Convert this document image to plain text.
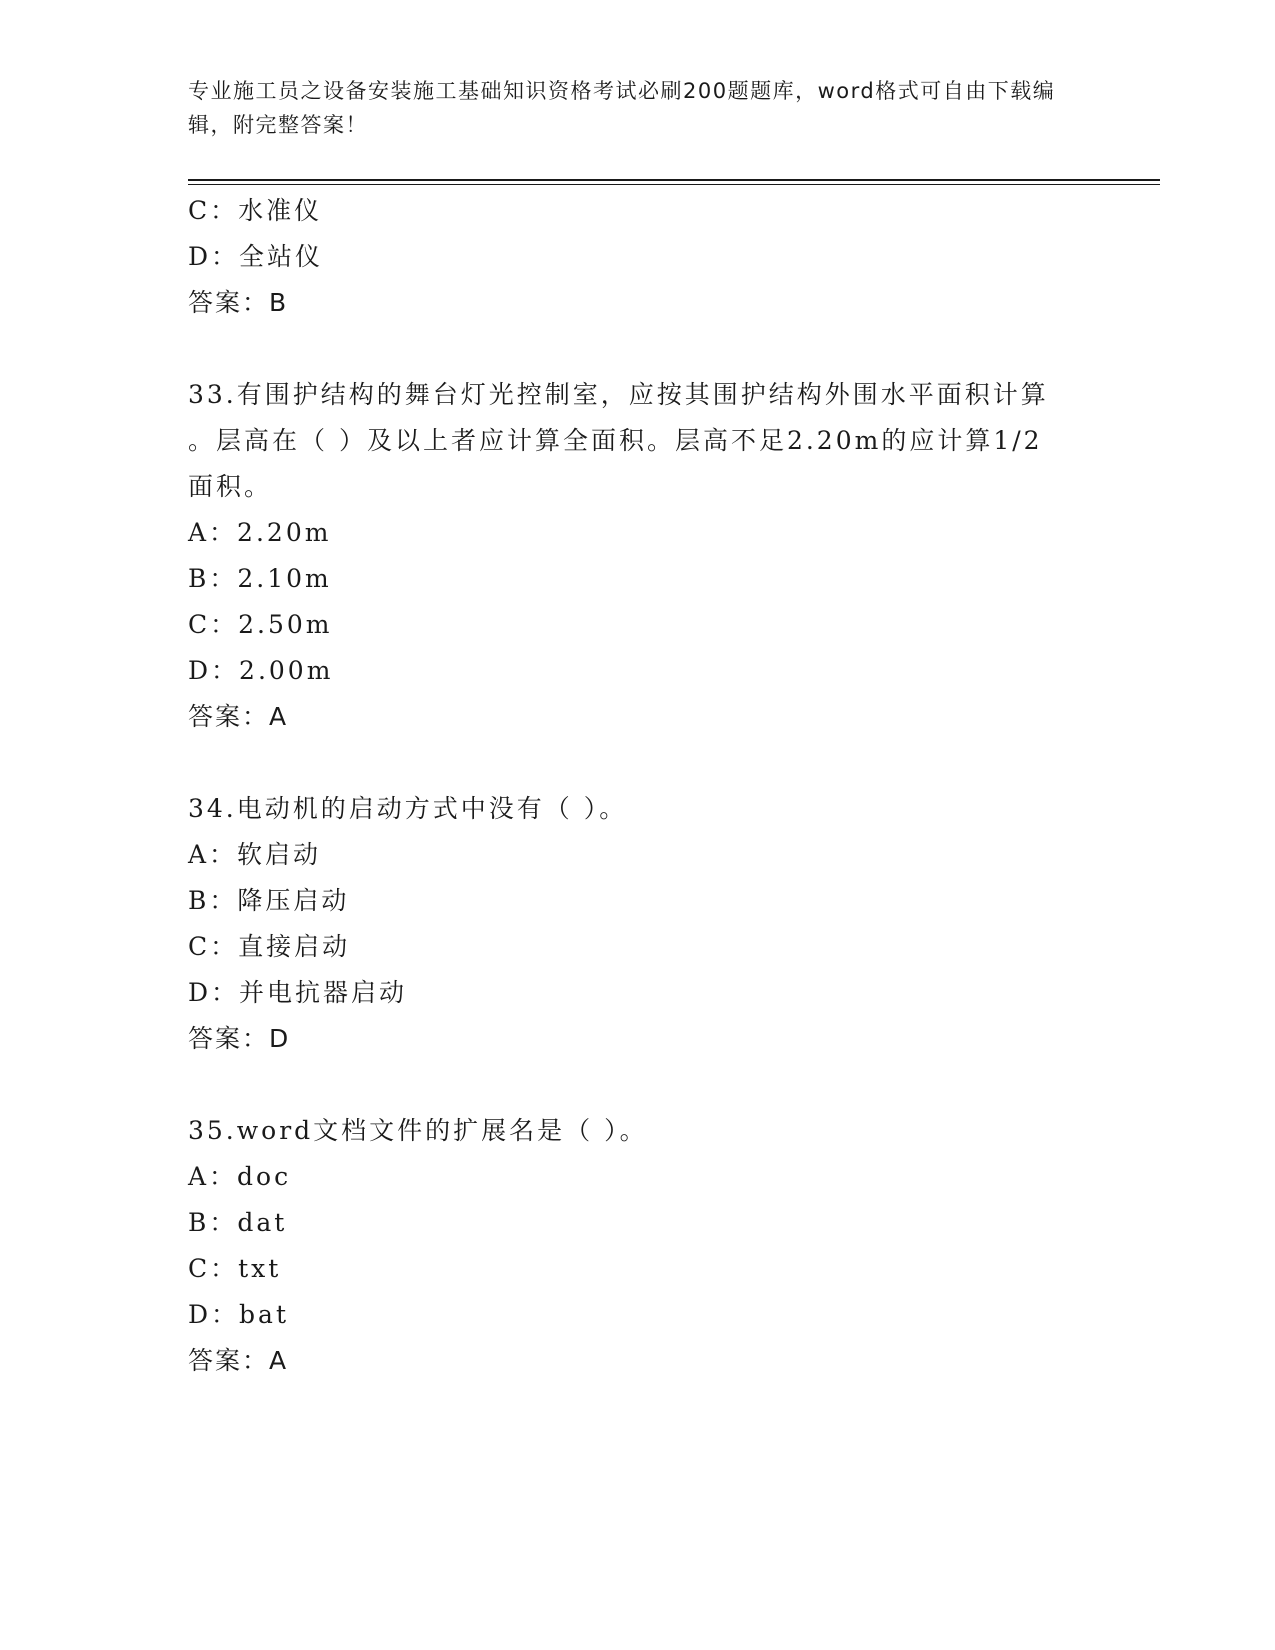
专业施工员之设备安装施工基础知识资格考试必刷200题题库，word格式可自由下载编辑，附完整答案！
C：水准仪
D：全站仪
答案：B
33.有围护结构的舞台灯光控制室，应按其围护结构外围水平面积计算
。层高在（ ）及以上者应计算全面积。层高不足2.20m的应计算1/2
面积。
A：2.20m
B：2.10m
C：2.50m
D：2.00m
答案：A
34.电动机的启动方式中没有（ ）。
A：软启动
B：降压启动
C：直接启动
D：并电抗器启动
答案：D
35.word文档文件的扩展名是（ ）。
A：doc
B：dat
C：txt
D：bat
答案：A
